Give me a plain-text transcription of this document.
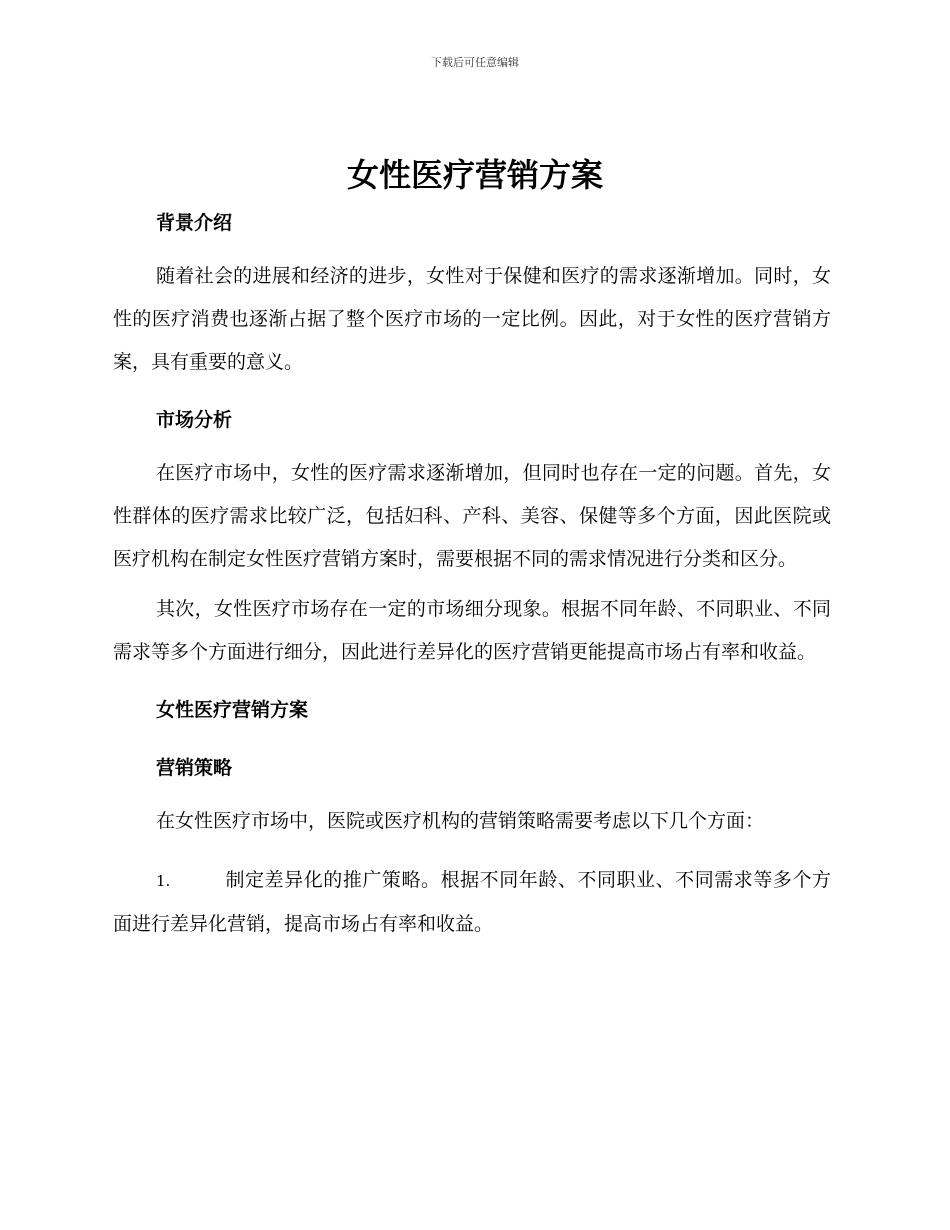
下载后可任意编辑
女性医疗营销方案

背景介绍

随着社会的进展和经济的进步，女性对于保健和医疗的需求逐渐增加。同时，女性的医疗消费也逐渐占据了整个医疗市场的一定比例。因此，对于女性的医疗营销方案，具有重要的意义。

市场分析

在医疗市场中，女性的医疗需求逐渐增加，但同时也存在一定的问题。首先，女性群体的医疗需求比较广泛，包括妇科、产科、美容、保健等多个方面，因此医院或医疗机构在制定女性医疗营销方案时，需要根据不同的需求情况进行分类和区分。

其次，女性医疗市场存在一定的市场细分现象。根据不同年龄、不同职业、不同需求等多个方面进行细分，因此进行差异化的医疗营销更能提高市场占有率和收益。

女性医疗营销方案

营销策略

在女性医疗市场中，医院或医疗机构的营销策略需要考虑以下几个方面：

1.	制定差异化的推广策略。根据不同年龄、不同职业、不同需求等多个方面进行差异化营销，提高市场占有率和收益。
